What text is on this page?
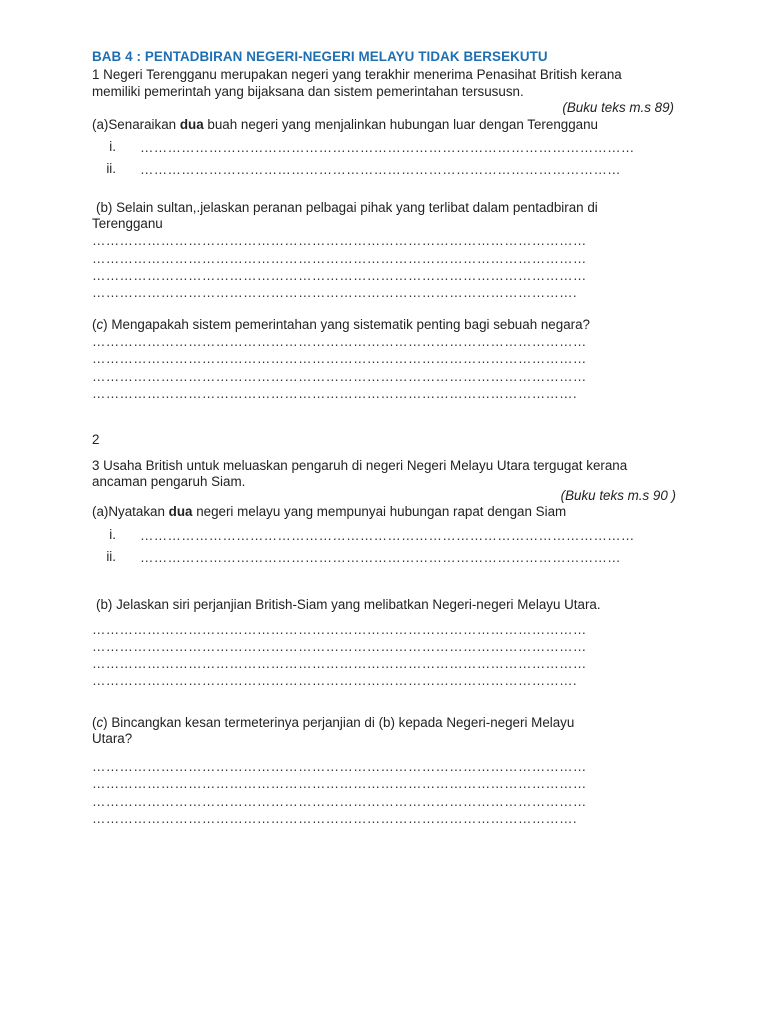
BAB 4 : PENTADBIRAN NEGERI-NEGERI MELAYU TIDAK BERSEKUTU
1 Negeri Terengganu merupakan negeri yang terakhir menerima Penasihat British kerana
memiliki pemerintah yang bijaksana dan sistem pemerintahan tersususn.
(Buku teks m.s 89)
(a)Senaraikan dua buah negeri yang menjalinkan hubungan luar dengan Terengganu
i. ………………………………………………………………………………………………
ii. ……………………………………………………………………………………………
(b) Selain sultan,.jelaskan peranan pelbagai pihak yang terlibat dalam pentadbiran di
Terengganu
………………………………………………………………………………………………
………………………………………………………………………………………………
………………………………………………………………………………………………
…………………………………………………………………………………………….
(c) Mengapakah sistem pemerintahan yang sistematik penting bagi sebuah negara?
………………………………………………………………………………………………
………………………………………………………………………………………………
………………………………………………………………………………………………
…………………………………………………………………………………………….
2
3 Usaha British untuk meluaskan pengaruh di negeri Negeri Melayu Utara tergugat kerana
ancaman pengaruh Siam.
(Buku teks m.s 90 )
(a)Nyatakan dua negeri melayu yang mempunyai hubungan rapat dengan Siam
i. ………………………………………………………………………………………………
ii. ……………………………………………………………………………………………
(b) Jelaskan siri perjanjian British-Siam yang melibatkan Negeri-negeri Melayu Utara.
………………………………………………………………………………………………
………………………………………………………………………………………………
………………………………………………………………………………………………
…………………………………………………………………………………………….
(c) Bincangkan kesan termeterinya perjanjian di (b) kepada Negeri-negeri Melayu
Utara?
………………………………………………………………………………………………
………………………………………………………………………………………………
………………………………………………………………………………………………
…………………………………………………………………………………………….
